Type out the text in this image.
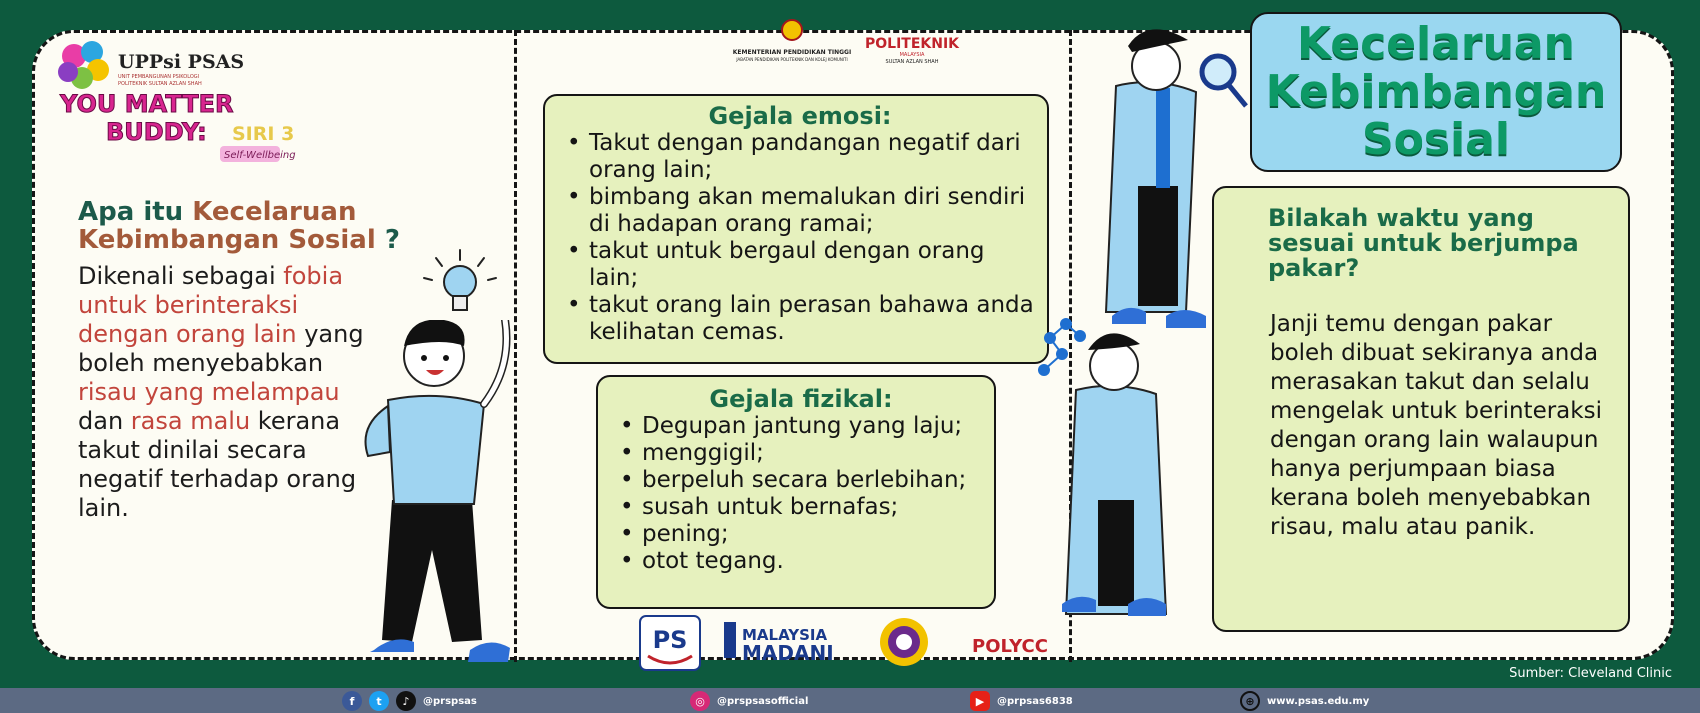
UPPsi PSAS
UNIT PEMBANGUNAN PSIKOLOGI
POLITEKNIK SULTAN AZLAN SHAH
YOU MATTER
BUDDY: SIRI 3
Self-Wellbeing
Apa itu Kecelaruan Kebimbangan Sosial ?
Dikenali sebagai fobia untuk berinteraksi dengan orang lain yang boleh menyebabkan risau yang melampau dan rasa malu kerana takut dinilai secara negatif terhadap orang lain.
KEMENTERIAN PENDIDIKAN TINGGI
JABATAN PENDIDIKAN POLITEKNIK DAN KOLEJ KOMUNITI
POLITEKNIK
MALAYSIA
SULTAN AZLAN SHAH
Gejala emosi:
• Takut dengan pandangan negatif dari orang lain;
• bimbang akan memalukan diri sendiri di hadapan orang ramai;
• takut untuk bergaul dengan orang lain;
• takut orang lain perasan bahawa anda kelihatan cemas.
Gejala fizikal:
• Degupan jantung yang laju;
• menggigil;
• berpeluh secara berlebihan;
• susah untuk bernafas;
• pening;
• otot tegang.
PS	MALAYSIA
MADANI	POLYCC
Kecelaruan
Kebimbangan
Sosial
Bilakah waktu yang sesuai untuk berjumpa pakar?
Janji temu dengan pakar boleh dibuat sekiranya anda merasakan takut dan selalu mengelak untuk berinteraksi dengan orang lain walaupun hanya perjumpaan biasa kerana boleh menyebabkan risau, malu atau panik.
Sumber: Cleveland Clinic
f	t	♪	@prspsas	◎	@prspsasofficial	▶	@prpsas6838	⊕	www.psas.edu.my
